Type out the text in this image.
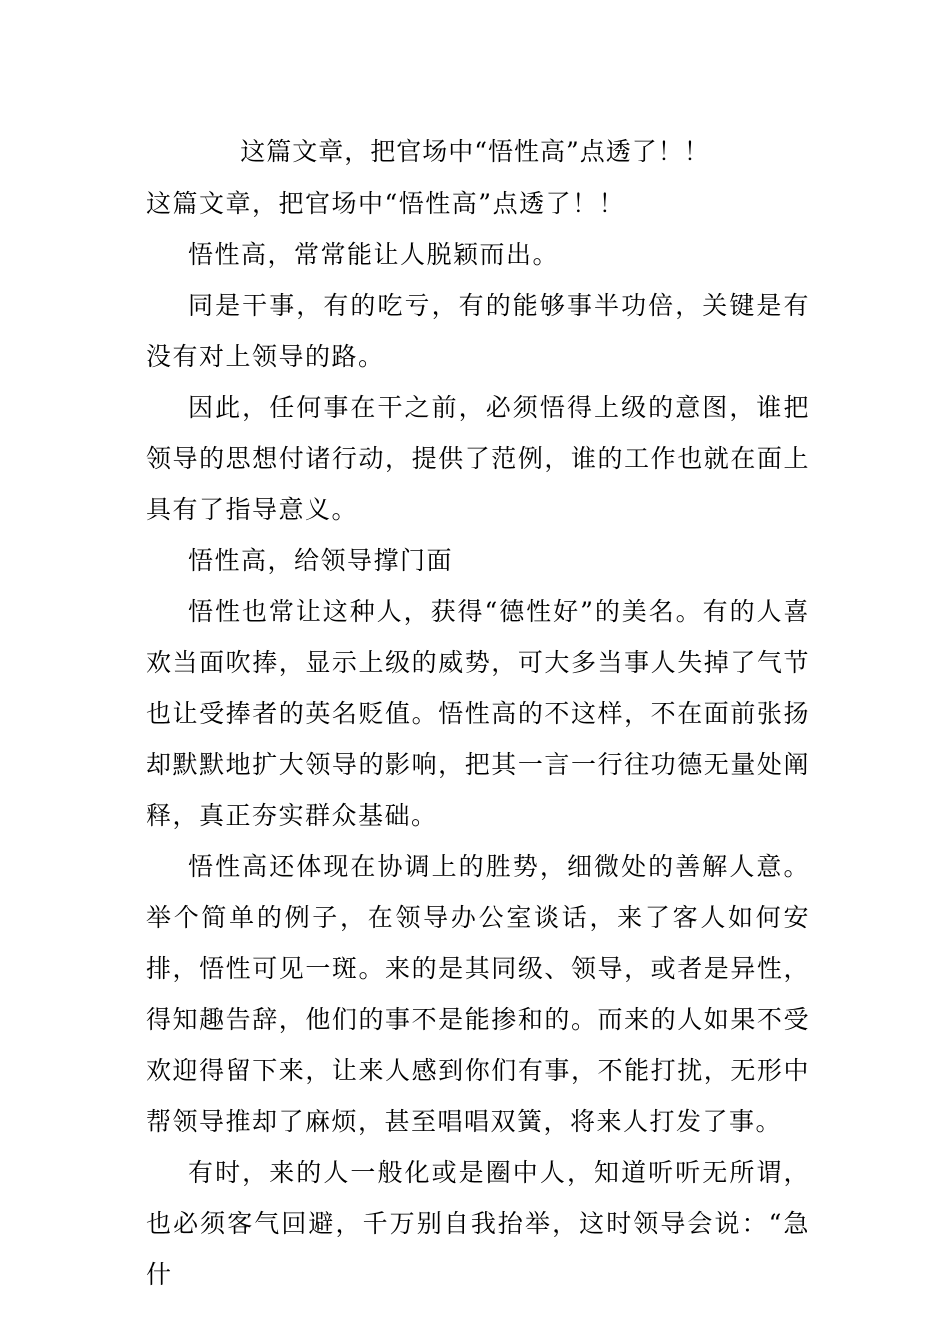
这篇文章，把官场中“悟性高”点透了！！

这篇文章，把官场中“悟性高”点透了！！

悟性高，常常能让人脱颖而出。

同是干事，有的吃亏，有的能够事半功倍，关键是有没有对上领导的路。

因此，任何事在干之前，必须悟得上级的意图，谁把领导的思想付诸行动，提供了范例，谁的工作也就在面上具有了指导意义。

悟性高，给领导撑门面

悟性也常让这种人，获得“德性好”的美名。有的人喜欢当面吹捧，显示上级的威势，可大多当事人失掉了气节也让受捧者的英名贬值。悟性高的不这样，不在面前张扬却默默地扩大领导的影响，把其一言一行往功德无量处阐释，真正夯实群众基础。

悟性高还体现在协调上的胜势，细微处的善解人意。举个简单的例子，在领导办公室谈话，来了客人如何安排，悟性可见一斑。来的是其同级、领导，或者是异性，得知趣告辞，他们的事不是能掺和的。而来的人如果不受欢迎得留下来，让来人感到你们有事，不能打扰，无形中帮领导推却了麻烦，甚至唱唱双簧，将来人打发了事。

有时，来的人一般化或是圈中人，知道听听无所谓，也必须客气回避，千万别自我抬举，这时领导会说：“急什
